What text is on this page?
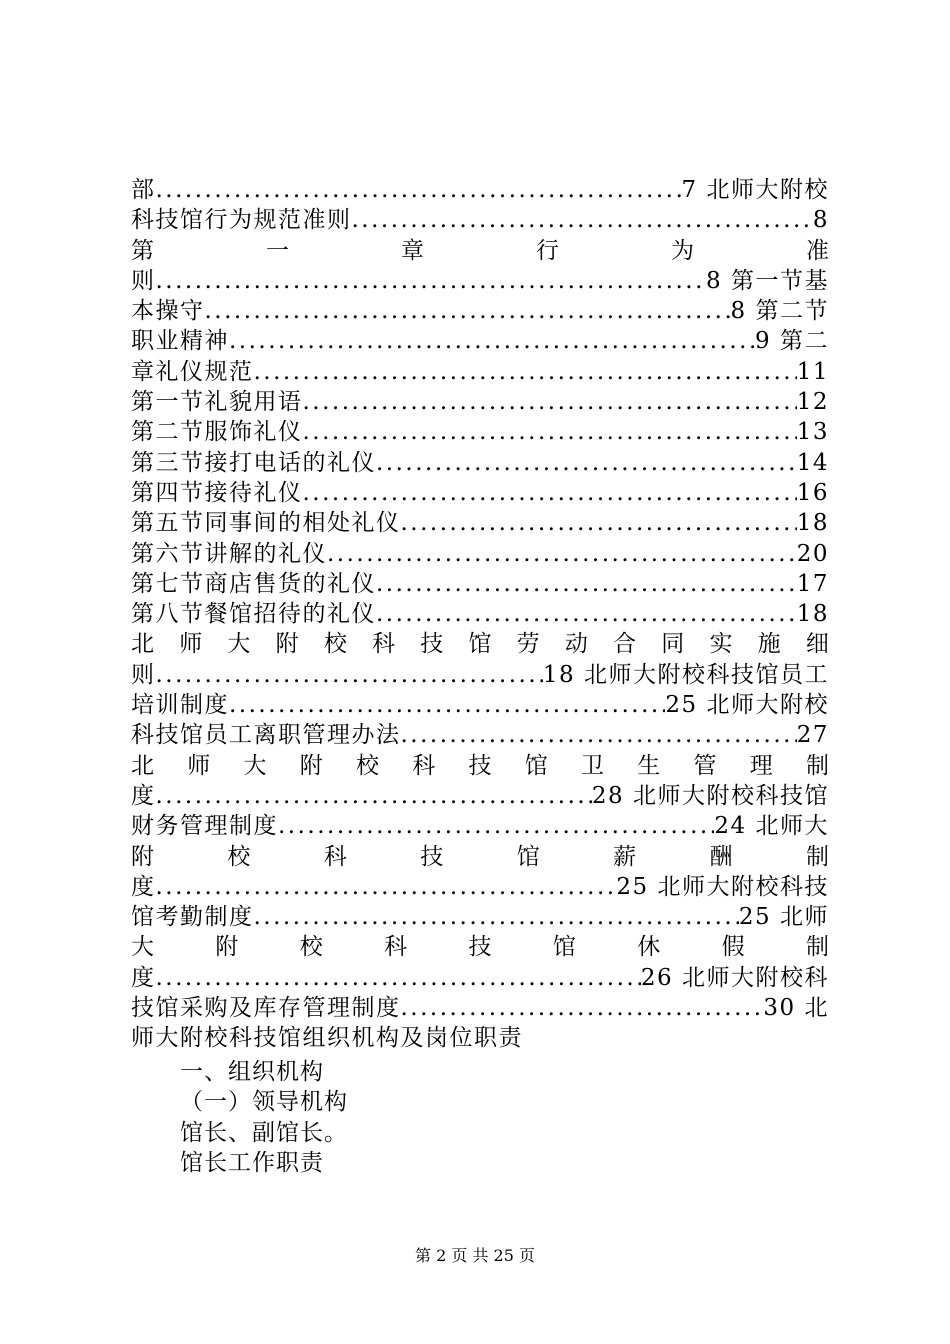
部 .....	7 北师大附校
科技馆行为规范准则 .....	8
第	一	章	行	为	准
则 .....	8 第一节基
本操守 .....	8 第二节
职业精神 .....	9 第二
章礼仪规范 .....	11
第一节礼貌用语 .....	12
第二节服饰礼仪 .....	13
第三节接打电话的礼仪 .....	14
第四节接待礼仪 .....	16
第五节同事间的相处礼仪 .....	18
第六节讲解的礼仪 .....	20
第七节商店售货的礼仪 .....	17
第八节餐馆招待的礼仪 .....	18
北 师 大 附 校 科 技 馆 劳 动 合 同 实 施 细
则 .....	18 北师大附校科技馆员工
培训制度 .....	25 北师大附校
科技馆员工离职管理办法 .....	27
北 师 大 附 校 科 技 馆 卫 生 管 理 制
度 .....	28 北师大附校科技馆
财务管理制度 .....	24 北师大
附	校	科	技	馆	薪	酬	制
度 .....	25 北师大附校科技
馆考勤制度 .....	25 北师
大	附	校	科	技	馆	休	假	制
度 .....	26 北师大附校科
技馆采购及库存管理制度 .....	30 北
师大附校科技馆组织机构及岗位职责
一、组织机构
（一）领导机构
馆长、副馆长。
馆长工作职责
第 2 页 共 25 页
